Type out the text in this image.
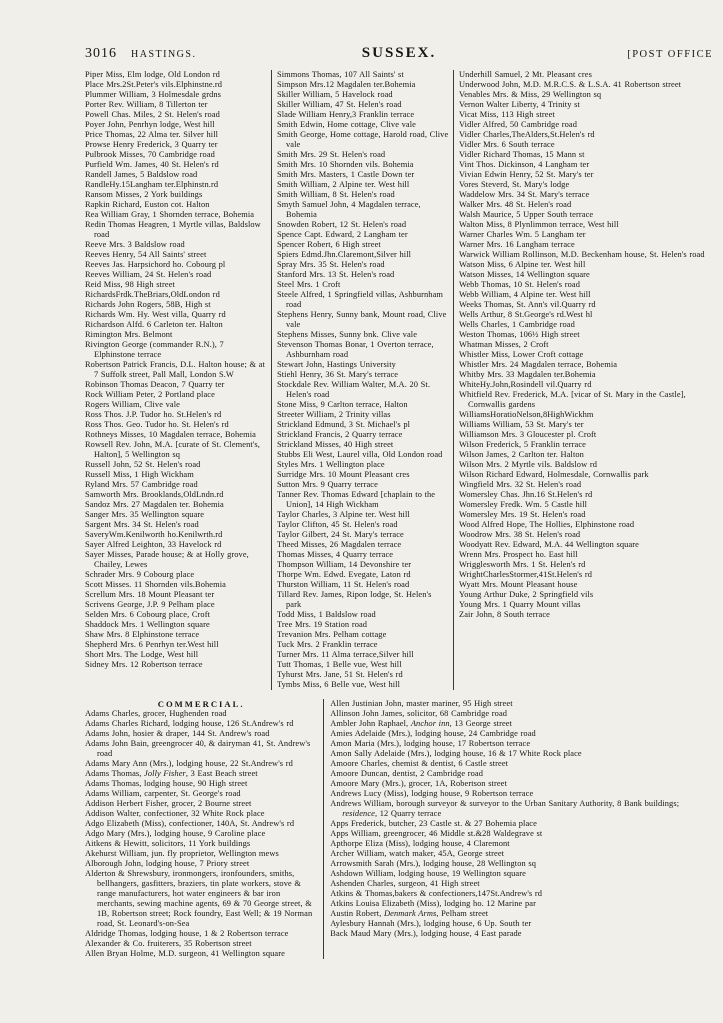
3016 HASTINGS.	SUSSEX.	[POST OFFICE
Piper Miss, Elm lodge, Old London rd
Place Mrs.2St.Peter's vils.Elphinstne.rd
Plummer William, 3 Holmesdale grdns
Porter Rev. William, 8 Tillerton ter
Powell Chas. Miles, 2 St. Helen's road
Poyer John, Penrhyn lodge, West hill
Price Thomas, 22 Alma ter. Silver hill
Prowse Henry Frederick, 3 Quarry ter
Pulbrook Misses, 70 Cambridge road
Purfield Wm. James, 40 St. Helen's rd
Randell James, 5 Baldslow road
RandleHy.15Langham ter.Elphinstn.rd
Ransom Misses, 2 York buildings
Rapkin Richard, Euston cot. Halton
Rea William Gray, 1 Shornden terrace, Bohemia
Redin Thomas Heagren, 1 Myrtle villas, Baldslow road
Reeve Mrs. 3 Baldslow road
Reeves Henry, 54 All Saints' street
Reeves Jas. Harpsichord ho. Cobourg pl
Reeves William, 24 St. Helen's road
Reid Miss, 98 High street
RichardsFrdk.TheBriars,OldLondon rd
Richards John Rogers, 58B, High st
Richards Wm. Hy. West villa, Quarry rd
Richardson Alfd. 6 Carleton ter. Halton
Rimington Mrs. Belmont
Rivington George (commander R.N.), 7 Elphinstone terrace
Robertson Patrick Francis, D.L. Halton house; & at 7 Suffolk street, Pall Mall, London S.W
Robinson Thomas Deacon, 7 Quarry ter
Rock William Peter, 2 Portland place
Rogers William, Clive vale
Ross Thos. J.P. Tudor ho. St.Helen's rd
Ross Thos. Geo. Tudor ho. St. Helen's rd
Rothneys Misses, 10 Magdalen terrace, Bohemia
Rowsell Rev. John, M.A. [curate of St. Clement's, Halton], 5 Wellington sq
Russell John, 52 St. Helen's road
Russell Miss, 1 High Wickham
Ryland Mrs. 57 Cambridge road
Samworth Mrs. Brooklands,OldLndn.rd
Sandoz Mrs. 27 Magdalen ter. Bohemia
Sanger Mrs. 35 Wellington square
Sargent Mrs. 34 St. Helen's road
SaveryWm.Kenilworth ho.Kenilwrth.rd
Sayer Alfred Leighton, 33 Havelock rd
Sayer Misses, Parade house; & at Holly grove, Chailey, Lewes
Schrader Mrs. 9 Cobourg place
Scott Misses. 11 Shornden vils.Bohemia
Screllum Mrs. 18 Mount Pleasant ter
Scrivens George, J.P. 9 Pelham place
Selden Mrs. 6 Cobourg place, Croft
Shaddock Mrs. 1 Wellington square
Shaw Mrs. 8 Elphinstone terrace
Shepherd Mrs. 6 Penrhyn ter.West hill
Short Mrs. The Lodge, West hill
Sidney Mrs. 12 Robertson terrace
Simmons Thomas, 107 All Saints' st
Simpson Mrs.12 Magdalen ter.Bohemia
Skiller William, 5 Havelock road
Skiller William, 47 St. Helen's road
Slade William Henry,3 Franklin terrace
Smith Edwin, Home cottage, Clive vale
Smith George, Home cottage, Harold road, Clive vale
Smith Mrs. 29 St. Helen's road
Smith Mrs. 10 Shornden vils. Bohemia
Smith Mrs. Masters, 1 Castle Down ter
Smith William, 2 Alpine ter. West hill
Smith William, 8 St. Helen's road
Smyth Samuel John, 4 Magdalen terrace, Bohemia
Snowden Robert, 12 St. Helen's road
Spence Capt. Edward, 2 Langham ter
Spencer Robert, 6 High street
Spiers Edmd.Jhn.Claremont,Silver hill
Spray Mrs. 35 St. Helen's road
Stanford Mrs. 13 St. Helen's road
Steel Mrs. 1 Croft
Steele Alfred, 1 Springfield villas, Ashburnham road
Stephens Henry, Sunny bank, Mount road, Clive vale
Stephens Misses, Sunny bnk. Clive vale
Stevenson Thomas Bonar, 1 Overton terrace, Ashburnham road
Stewart John, Hastings University
Stiehl Henry, 36 St. Mary's terrace
Stockdale Rev. William Walter, M.A. 20 St. Helen's road
Stone Miss, 9 Carlton terrace, Halton
Streeter William, 2 Trinity villas
Strickland Edmund, 3 St. Michael's pl
Strickland Francis, 2 Quarry terrace
Strickland Misses, 40 High street
Stubbs Eli West, Laurel villa, Old London road
Styles Mrs. 1 Wellington place
Surridge Mrs. 10 Mount Pleasant cres
Sutton Mrs. 9 Quarry terrace
Tanner Rev. Thomas Edward [chaplain to the Union], 14 High Wickham
Taylor Charles, 3 Alpine ter. West hill
Taylor Clifton, 45 St. Helen's road
Taylor Gilbert, 24 St. Mary's terrace
Theed Misses, 26 Magdalen terrace
Thomas Misses, 4 Quarry terrace
Thompson William, 14 Devonshire ter
Thorpe Wm. Edwd. Evegate, Laton rd
Thurston William, 11 St. Helen's road
Tillard Rev. James, Ripon lodge, St. Helen's park
Todd Miss, 1 Baldslow road
Tree Mrs. 19 Station road
Trevanion Mrs. Pelham cottage
Tuck Mrs. 2 Franklin terrace
Turner Mrs. 11 Alma terrace,Silver hill
Tutt Thomas, 1 Belle vue, West hill
Tyhurst Mrs. Jane, 51 St. Helen's rd
Tymbs Miss, 6 Belle vue, West hill
Underhill Samuel, 2 Mt. Pleasant cres
Underwood John, M.D. M.R.C.S. & L.S.A. 41 Robertson street
Venables Mrs. & Miss, 29 Wellington sq
Vernon Walter Liberty, 4 Trinity st
Vicat Miss, 113 High street
Vidler Alfred, 50 Cambridge road
Vidler Charles,TheAlders,St.Helen's rd
Vidler Mrs. 6 South terrace
Vidler Richard Thomas, 15 Mann st
Vint Thos. Dickinson, 4 Langham ter
Vivian Edwin Henry, 52 St. Mary's ter
Vores Steverd, St. Mary's lodge
Waddelow Mrs. 34 St. Mary's terrace
Walker Mrs. 48 St. Helen's road
Walsh Maurice, 5 Upper South terrace
Walton Miss, 8 Plynlimmon terrace, West hill
Warner Charles Wm. 5 Langham ter
Warner Mrs. 16 Langham terrace
Warwick William Rollinson, M.D. Beckenham house, St. Helen's road
Watson Miss, 6 Alpine ter. West hill
Watson Misses, 14 Wellington square
Webb Thomas, 10 St. Helen's road
Webb William, 4 Alpine ter. West hill
Weeks Thomas, St. Ann's vil.Quarry rd
Wells Arthur, 8 St.George's rd.West hl
Wells Charles, 1 Cambridge road
Weston Thomas, 106½ High street
Whatman Misses, 2 Croft
Whistler Miss, Lower Croft cottage
Whistler Mrs. 24 Magdalen terrace, Bohemia
Whitby Mrs. 33 Magdalen ter.Bohemia
WhiteHy.John,Rosindell vil.Quarry rd
Whitfield Rev. Frederick, M.A. [vicar of St. Mary in the Castle], Cornwallis gardens
WilliamsHoratioNelson,8HighWickhm
Williams William, 53 St. Mary's ter
Williamson Mrs. 3 Gloucester pl. Croft
Wilson Frederick, 5 Franklin terrace
Wilson James, 2 Carlton ter. Halton
Wilson Mrs. 2 Myrtle vils. Baldslow rd
Wilson Richard Edward, Holmesdale, Cornwallis park
Wingfield Mrs. 32 St. Helen's road
Womersley Chas. Jhn.16 St.Helen's rd
Womersley Fredk. Wm. 5 Castle hill
Womersley Mrs. 19 St. Helen's road
Wood Alfred Hope, The Hollies, Elphinstone road
Woodrow Mrs. 38 St. Helen's road
Woodyatt Rev. Edward, M.A. 44 Wellington square
Wrenn Mrs. Prospect ho. East hill
Wrigglesworth Mrs. 1 St. Helen's rd
WrightCharlesStormer,41St.Helen's rd
Wyatt Mrs. Mount Pleasant house
Young Arthur Duke, 2 Springfield vils
Young Mrs. 1 Quarry Mount villas
Zair John, 8 South terrace
COMMERCIAL.
Adams Charles, grocer, Hughenden road
Adams Charles Richard, lodging house, 126 St.Andrew's rd
Adams John, hosier & draper, 144 St. Andrew's road
Adams John Bain, greengrocer 40, & dairyman 41, St. Andrew's road
Adams Mary Ann (Mrs.), lodging house, 22 St.Andrew's rd
Adams Thomas, Jolly Fisher, 3 East Beach street
Adams Thomas, lodging house, 90 High street
Adams William, carpenter, St. George's road
Addison Herbert Fisher, grocer, 2 Bourne street
Addison Walter, confectioner, 32 White Rock place
Adgo Elizabeth (Miss), confectioner, 140A, St. Andrew's rd
Adgo Mary (Mrs.), lodging house, 9 Caroline place
Aitkens & Hewitt, solicitors, 11 York buildings
Akehurst William, jun. fly proprietor, Wellington mews
Alborough John, lodging house, 7 Priory street
Alderton & Shrewsbury, ironmongers, ironfounders, smiths, bellhangers, gasfitters, braziers, tin plate workers, stove & range manufacturers, hot water engineers & bar iron merchants, sewing machine agents, 69 & 70 George street, & 1B, Robertson street; Rock foundry, East Well; & 19 Norman road, St. Leonard's-on-Sea
Aldridge Thomas, lodging house, 1 & 2 Robertson terrace
Alexander & Co. fruiterers, 35 Robertson street
Allen Bryan Holme, M.D. surgeon, 41 Wellington square
Allen Justinian John, master mariner, 95 High street
Allinson John James, solicitor, 68 Cambridge road
Ambler John Raphael, Anchor inn, 13 George street
Amies Adelaide (Mrs.), lodging house, 24 Cambridge road
Amon Maria (Mrs.), lodging house, 17 Robertson terrace
Amon Sally Adelaide (Mrs.), lodging house, 16 & 17 White Rock place
Amoore Charles, chemist & dentist, 6 Castle street
Amoore Duncan, dentist, 2 Cambridge road
Amoore Mary (Mrs.), grocer, 1A, Robertson street
Andrews Lucy (Miss), lodging house, 9 Robertson terrace
Andrews William, borough surveyor & surveyor to the Urban Sanitary Authority, 8 Bank buildings; residence, 12 Quarry terrace
Apps Frederick, butcher, 23 Castle st. & 27 Bohemia place
Apps William, greengrocer, 46 Middle st.&28 Waldegrave st
Apthorpe Eliza (Miss), lodging house, 4 Claremont
Archer William, watch maker, 45A, George street
Arrowsmith Sarah (Mrs.), lodging house, 28 Wellington sq
Ashdown William, lodging house, 19 Wellington square
Ashenden Charles, surgeon, 41 High street
Atkins & Thomas,bakers & confectioners,147St.Andrew's rd
Atkins Louisa Elizabeth (Miss), lodging ho. 12 Marine par
Austin Robert, Denmark Arms, Pelham street
Aylesbury Hannah (Mrs.), lodging house, 6 Up. South ter
Back Maud Mary (Mrs.), lodging house, 4 East parade
